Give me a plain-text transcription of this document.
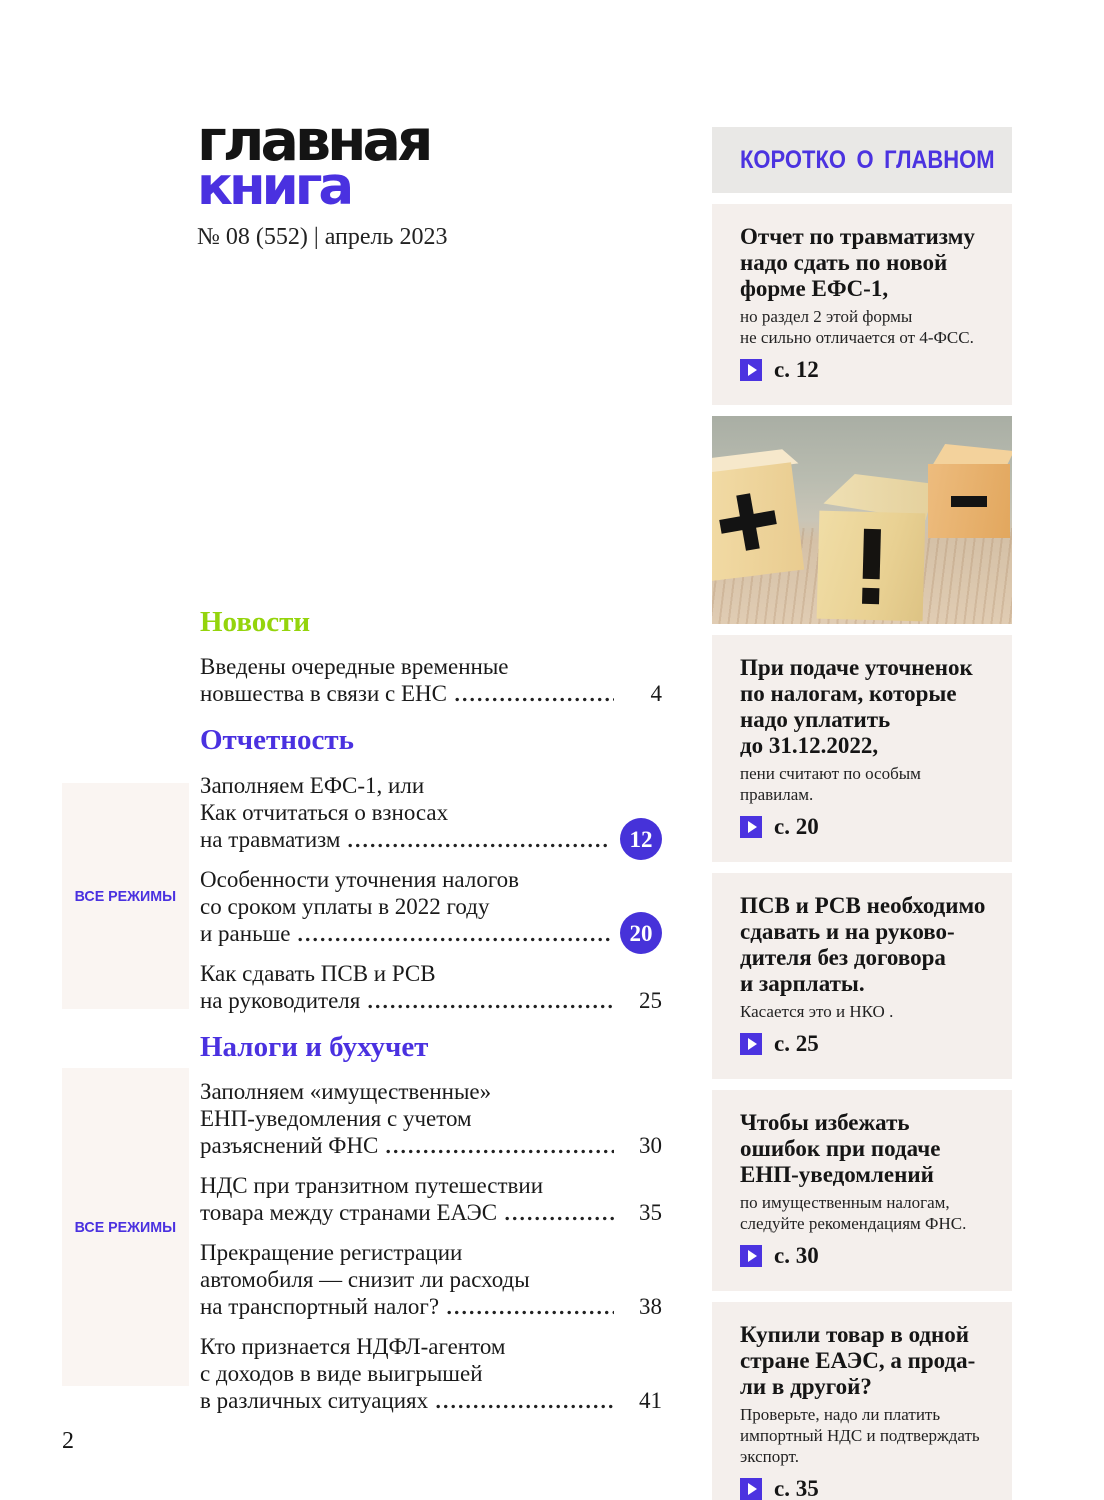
главная
книга
№ 08 (552) | апрель 2023
ВСЕ РЕЖИМЫ
ВСЕ РЕЖИМЫ
Новости
Введены очередные временные
новшества в связи с ЕНС	4
Отчетность
Заполняем ЕФС-1, или
Как отчитаться о взносах
на травматизм	12
Особенности уточнения налогов
со сроком уплаты в 2022 году
и раньше	20
Как сдавать ПСВ и РСВ
на руководителя	25
Налоги и бухучет
Заполняем «имущественные»
ЕНП-уведомления с учетом
разъяснений ФНС	30
НДС при транзитном путешествии
товара между странами ЕАЭС	35
Прекращение регистрации
автомобиля — снизит ли расходы
на транспортный налог?	38
Кто признается НДФЛ-агентом
с доходов в виде выигрышей
в различных ситуациях	41
КОРОТКО О ГЛАВНОМ
Отчет по травматизму
надо сдать по новой
форме ЕФС-1,
но раздел 2 этой формы
не сильно отличается от 4-ФСС.
с. 12
При подаче уточненок
по налогам, которые
надо уплатить
до 31.12.2022,
пени считают по особым
правилам.
с. 20
ПСВ и РСВ необходимо
сдавать и на руково-
дителя без договора
и зарплаты.
Касается это и НКО .
с. 25
Чтобы избежать
ошибок при подаче
ЕНП-уведомлений
по имущественным налогам,
следуйте рекомендациям ФНС.
с. 30
Купили товар в одной
стране ЕАЭС, а прода-
ли в другой?
Проверьте, надо ли платить
импортный НДС и подтверждать
экспорт.
с. 35
2
